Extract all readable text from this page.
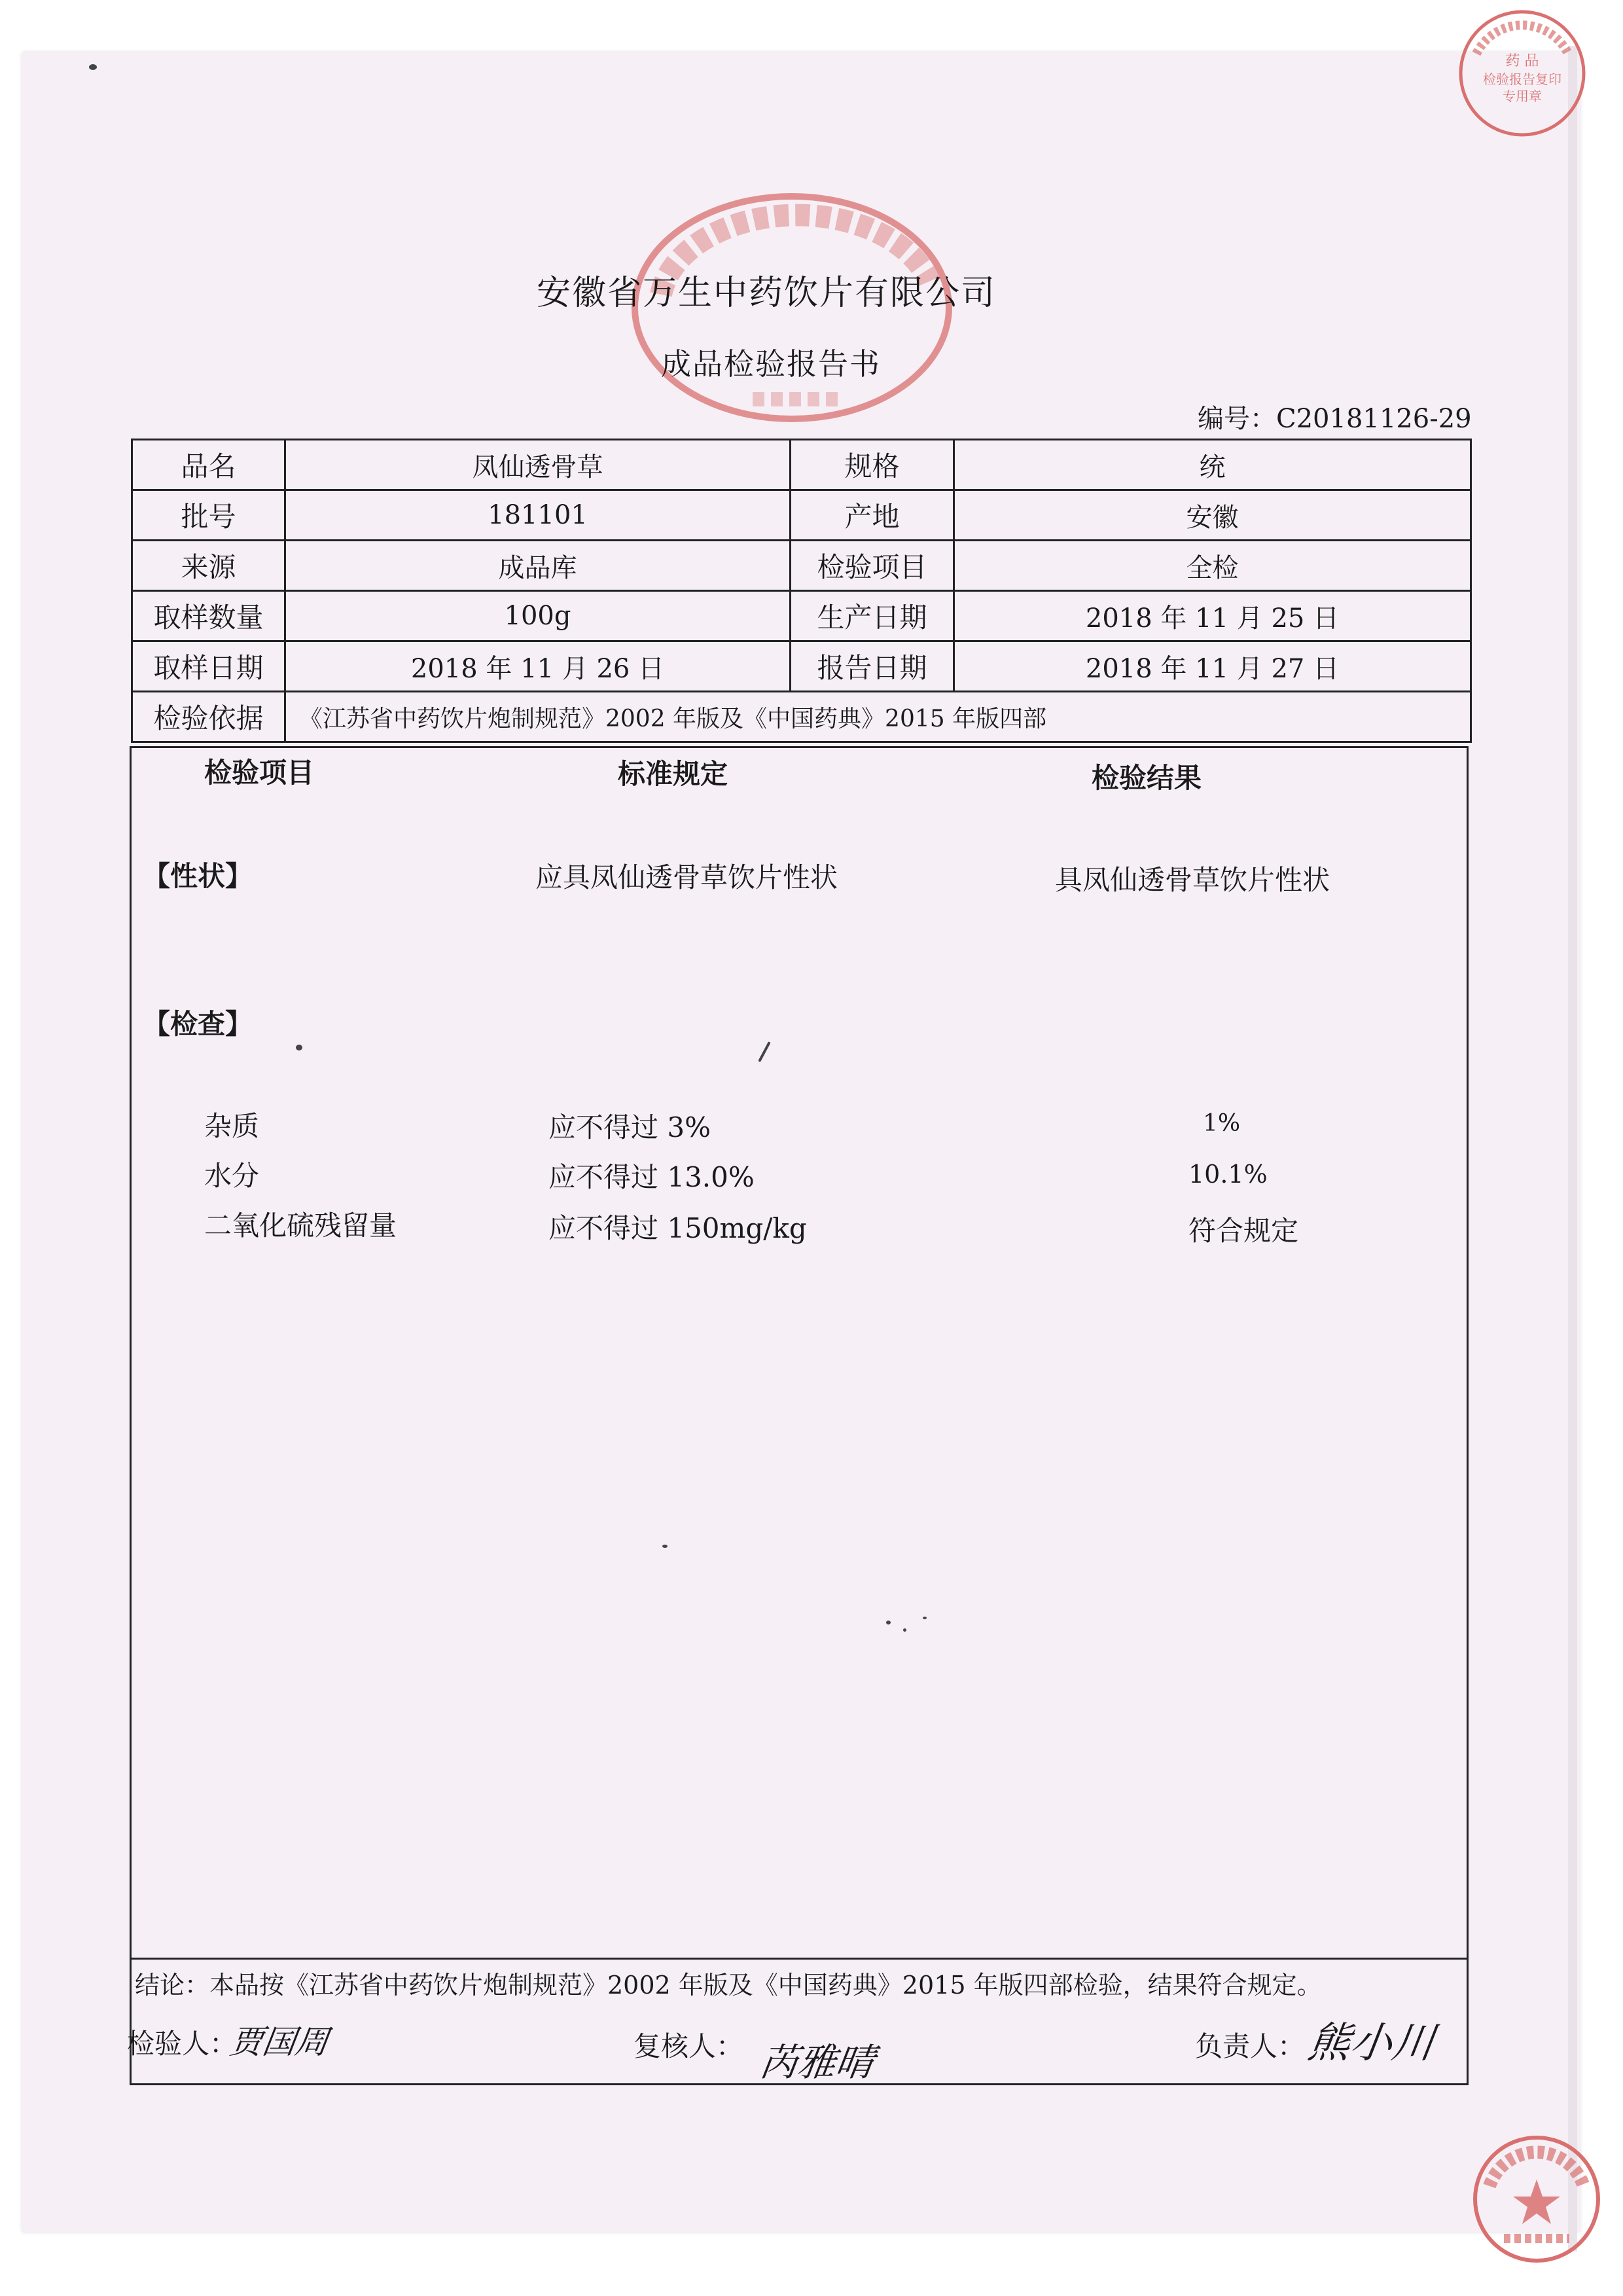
药 品
检验报告复印
专用章
安徽省万生中药饮片有限公司
成品检验报告书
编号：C20181126-29
品名	凤仙透骨草	规格	统
批号	181101	产地	安徽
来源	成品库	检验项目	全检
取样数量	100g	生产日期	2018 年 11 月 25 日
取样日期	2018 年 11 月 26 日	报告日期	2018 年 11 月 27 日
检验依据	《江苏省中药饮片炮制规范》2002 年版及《中国药典》2015 年版四部		
检验项目	标准规定	检验结果
【性状】	应具凤仙透骨草饮片性状	具凤仙透骨草饮片性状
【检查】
杂质	应不得过 3%	1%
水分	应不得过 13.0%	10.1%
二氧化硫残留量	应不得过 150mg/kg	符合规定
结论：本品按《江苏省中药饮片炮制规范》2002 年版及《中国药典》2015 年版四部检验，结果符合规定。
检验人：
贾国周	复核人： 芮雅晴	负责人： 熊小川
